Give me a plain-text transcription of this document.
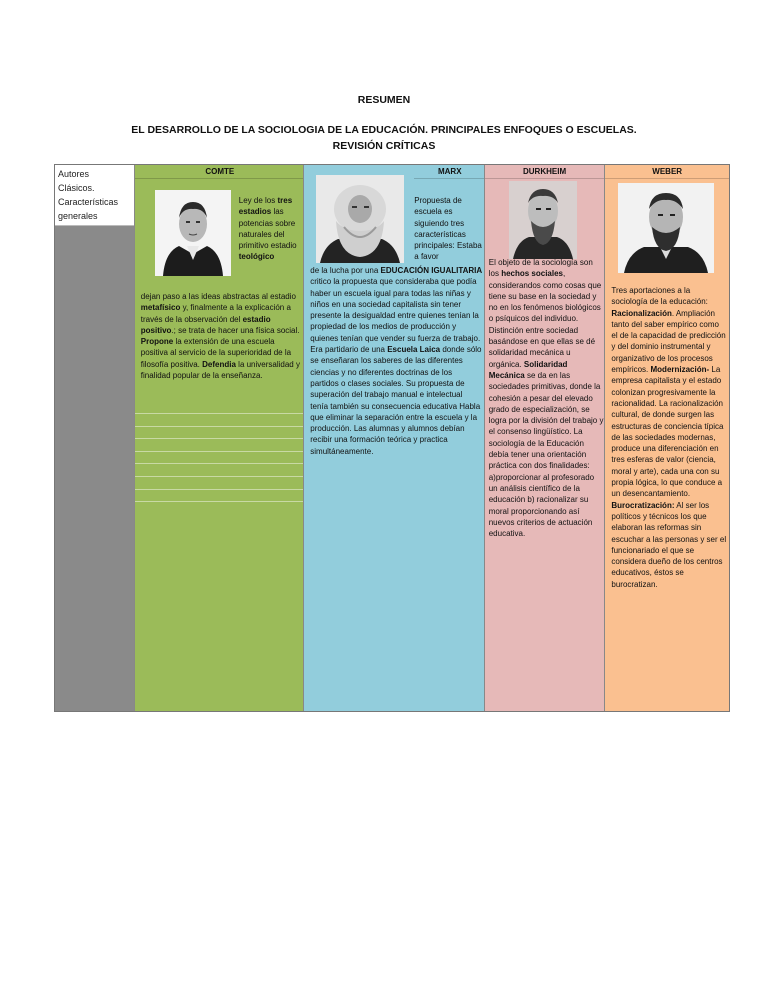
RESUMEN
EL DESARROLLO DE LA SOCIOLOGIA DE LA EDUCACIÓN. PRINCIPALES ENFOQUES O ESCUELAS. REVISIÓN CRÍTICAS
Autores
Clásicos.
Características
generales
COMTE
Ley de los tres estadios las potencias sobre naturales del primitivo estadio teológico
dejan paso a las ideas abstractas al estadio metafísico y, finalmente a la explicación a través de la observación del estadio positivo.; se trata de hacer una física social. Propone la extensión de una escuela positiva al servicio de la superioridad de la filosofía positiva. Defendia la universalidad y finalidad popular de la enseñanza.
MARX
Propuesta de escuela es siguiendo tres características principales: Estaba a favor
de la lucha por una EDUCACIÓN IGUALITARIA critico la propuesta que consideraba que podía haber un escuela igual para todas las niñas y niños en una sociedad capitalista sin tener presente la desigualdad entre quienes tenían la propiedad de los medios de producción y quienes tenían que vender su fuerza de trabajo. Era partidario de una Escuela Laica donde sólo se enseñaran los saberes de las diferentes ciencias y no diferentes doctrinas de los partidos o clases sociales. Su propuesta de superación del trabajo manual e intelectual tenía también su consecuencia educativa Habla que eliminar la separación entre la escuela y la producción. Las alumnas y alumnos debían recibir una formación teórica y practica simultáneamente.
DURKHEIM
El objeto de la sociología son los hechos sociales, considerandos como cosas que tiene su base en la sociedad y no en los fenómenos biológicos o psíquicos del individuo. Distinción entre sociedad basándose en que ellas se dé solidaridad mecánica u orgánica. Solidaridad Mecánica se da en las sociedades primitivas, donde la cohesión a pesar del elevado grado de especialización, se logra por la división del trabajo y el consenso lingüístico. La sociología de la Educación debía tener una orientación práctica con dos finalidades: a)proporcionar al profesorado un análisis científico de la educación b) racionalizar su moral proporcionando así nuevos criterios de actuación educativa.
WEBER
Tres aportaciones a la sociología de la educación: Racionalización. Ampliación tanto del saber empírico como el de la capacidad de predicción y del dominio instrumental y organizativo de los procesos empíricos. Modernización- La empresa capitalista y el estado colonizan progresivamente la racionalidad. La racionalización cultural, de donde surgen las estructuras de conciencia típica de las sociedades modernas, produce una diferenciación en tres esferas de valor (ciencia, moral y arte), cada una con su propia lógica, lo que conduce a un desencantamiento. Burocratización: Al ser los políticos y técnicos los que elaboran las reformas sin escuchar a las personas y ser el funcionariado el que se considera dueño de los centros educativos, éstos se burocratizan.
